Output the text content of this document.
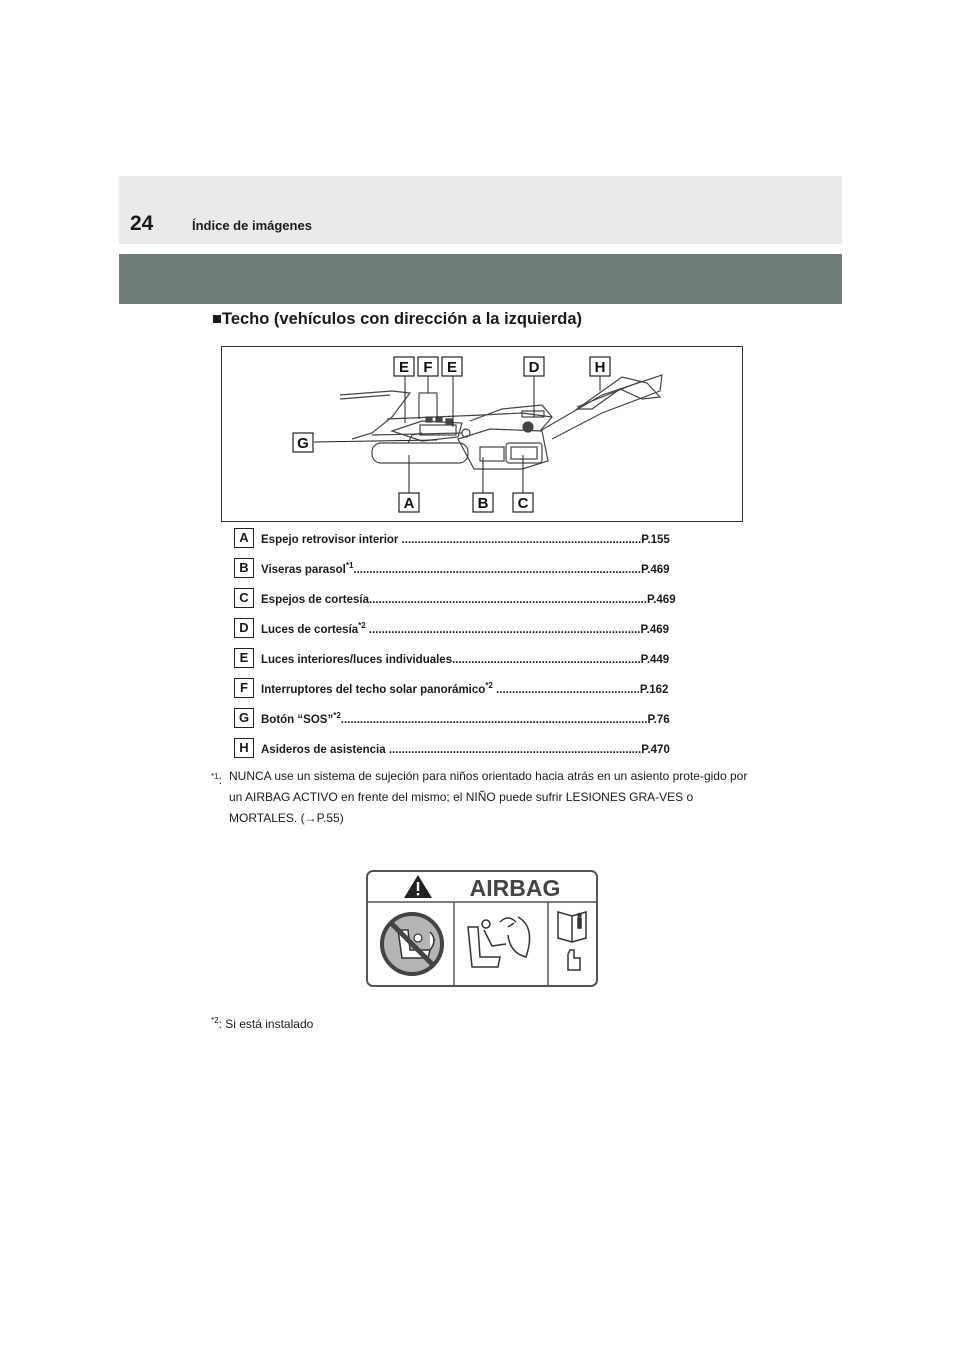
24	Índice de imágenes
■Techo (vehículos con dirección a la izquierda)
E F E	D	H
G
A	B C
A	Espejo retrovisor interior ...........................................................................P.155
B	Viseras parasol$^{*1}$..........................................................................................P.469
C	Espejos de cortesía.......................................................................................P.469
D	Luces de cortesía$^{*2}$ .....................................................................................P.469
E	Luces interiores/luces individuales...........................................................P.449
F	Interruptores del techo solar panorámico$^{*2}$ .............................................P.162
G	Botón “SOS”$^{*2}$................................................................................................P.76
H	Asideros de asistencia ...............................................................................P.470
$^{*1}$: NUNCA use un sistema de sujeción para niños orientado hacia atrás en un asiento prote-gido por un AIRBAG ACTIVO en frente del mismo; el NIÑO puede sufrir LESIONES GRA-VES o MORTALES. (→P.55)
AIRBAG
$^{*2}$: Si está instalado
